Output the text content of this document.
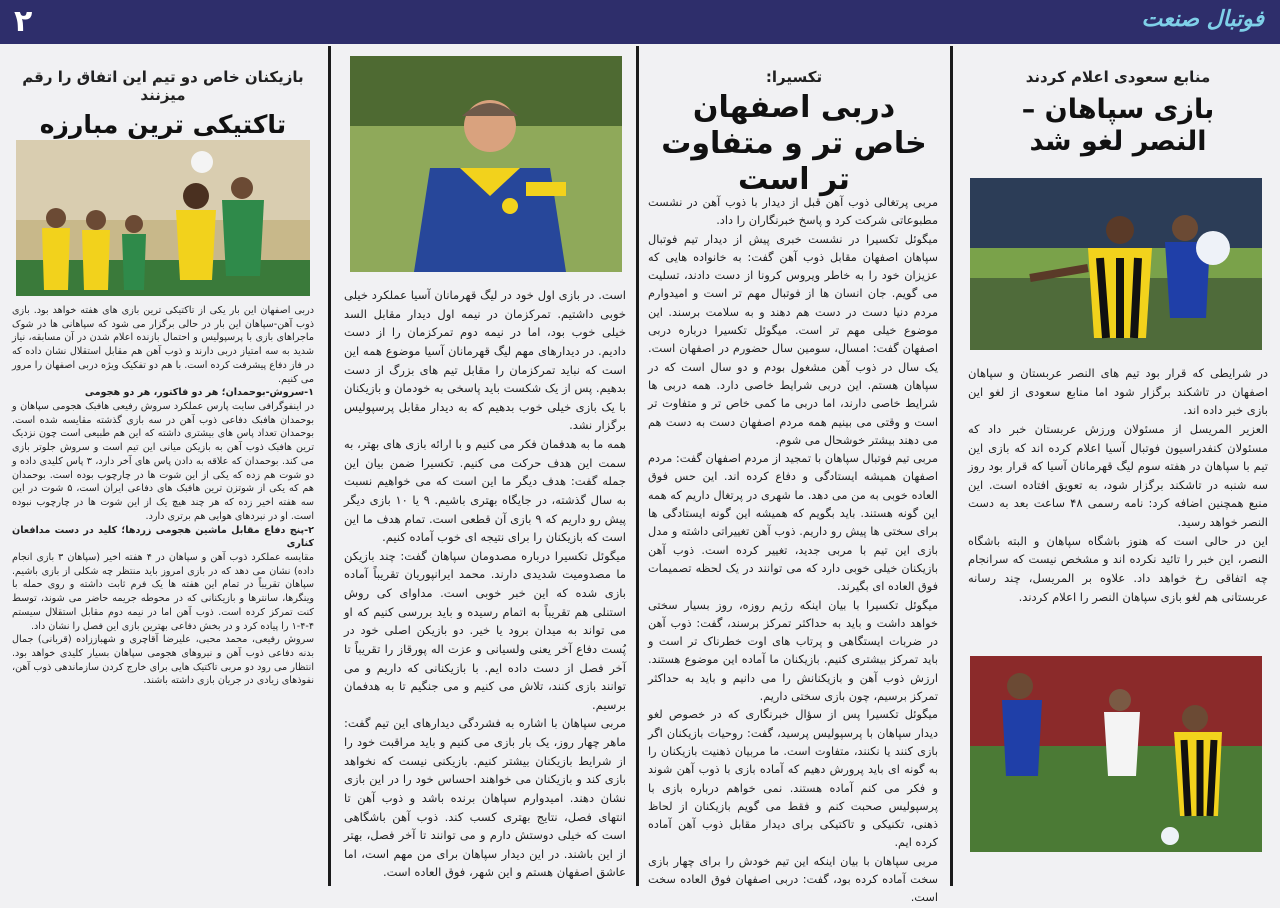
۲	فوتبال صنعت
منابع سعودی اعلام کردند
بازی سپاهان – النصر لغو شد

در شرایطی که قرار بود تیم های النصر عربستان و سپاهان اصفهان در تاشکند برگزار شود اما منابع سعودی از لغو این بازی خبر داده اند.

العزیر المریسل از مسئولان ورزش عربستان خبر داد که مسئولان کنفدراسیون فوتبال آسیا اعلام کرده اند که بازی این تیم با سپاهان در هفته سوم لیگ قهرمانان آسیا که قرار بود روز سه شنبه در تاشکند برگزار شود، به تعویق افتاده است. این منبع همچنین اضافه کرد: نامه رسمی ۴۸ ساعت بعد به دست النصر خواهد رسید.

این در حالی است که هنوز باشگاه سپاهان و البته باشگاه النصر، این خبر را تائید نکرده اند و مشخص نیست که سرانجام چه اتفاقی رخ خواهد داد. علاوه بر المریسل، چند رسانه عربستانی هم لغو بازی سپاهان النصر را اعلام کردند.

تکسیرا:
دربی اصفهان خاص تر و متفاوت تر است

مربی پرتغالی ذوب آهن قبل از دیدار با ذوب آهن در نشست مطبوعاتی شرکت کرد و پاسخ خبرنگاران را داد.

میگوئل تکسیرا در نشست خبری پیش از دیدار تیم فوتبال سپاهان اصفهان مقابل ذوب آهن گفت: به خانواده هایی که عزیزان خود را به خاطر ویروس کرونا از دست دادند، تسلیت می گویم. جان انسان ها از فوتبال مهم تر است و امیدوارم مردم دنیا دست در دست هم دهند و به سلامت برسند. این موضوع خیلی مهم تر است. میگوئل تکسیرا درباره دربی اصفهان گفت: امسال، سومین سال حضورم در اصفهان است. یک سال در ذوب آهن مشغول بودم و دو سال است که در سپاهان هستم. این دربی شرایط خاصی دارد. همه دربی ها شرایط خاصی دارند، اما دربی ما کمی خاص تر و متفاوت تر است و وقتی می بینیم همه مردم اصفهان دست به دست هم می دهند بیشتر خوشحال می شوم.

مربی تیم فوتبال سپاهان با تمجید از مردم اصفهان گفت: مردم اصفهان همیشه ایستادگی و دفاع کرده اند. این حس فوق العاده خوبی به من می دهد. ما شهری در پرتغال داریم که همه این گونه هستند. باید بگویم که همیشه این گونه ایستادگی ها برای سختی ها پیش رو داریم. ذوب آهن تغییراتی داشته و مدل بازی این تیم با مربی جدید، تغییر کرده است. ذوب آهن بازیکنان خیلی خوبی دارد که می توانند در یک لحظه تصمیمات فوق العاده ای بگیرند.

میگوئل تکسیرا با بیان اینکه رژیم روزه، روز بسیار سختی خواهد داشت و باید به حداکثر تمرکز برسند، گفت: ذوب آهن در ضربات ایستگاهی و پرتاب های اوت خطرناک تر است و باید تمرکز بیشتری کنیم. بازیکنان ما آماده این موضوع هستند. ارزش ذوب آهن و بازیکنانش را می دانیم و باید به حداکثر تمرکز برسیم، چون بازی سختی داریم.

میگوئل تکسیرا پس از سؤال خبرنگاری که در خصوص لغو دیدار سپاهان با پرسپولیس پرسید، گفت: روحیات بازیکنان اگر بازی کنند یا نکنند، متفاوت است. ما مربیان ذهنیت بازیکنان را به گونه ای باید پرورش دهیم که آماده بازی با ذوب آهن شوند و فکر می کنم آماده هستند. نمی خواهم درباره بازی با پرسپولیس صحبت کنم و فقط می گویم بازیکنان از لحاظ ذهنی، تکنیکی و تاکتیکی برای دیدار مقابل ذوب آهن آماده کرده ایم.

مربی سپاهان با بیان اینکه این تیم خودش را برای چهار بازی سخت آماده کرده بود، گفت: دربی اصفهان فوق العاده سخت است.

است. در بازی اول خود در لیگ قهرمانان آسیا عملکرد خیلی خوبی داشتیم. تمرکزمان در نیمه اول دیدار مقابل السد خیلی خوب بود، اما در نیمه دوم تمرکزمان را از دست دادیم. در دیدارهای مهم لیگ قهرمانان آسیا موضوع همه این است که نباید تمرکزمان را مقابل تیم های بزرگ از دست بدهیم. پس از یک شکست باید پاسخی به خودمان و بازیکنان با یک بازی خیلی خوب بدهیم که به دیدار مقابل پرسپولیس برگزار نشد.

همه ما به هدفمان فکر می کنیم و با ارائه بازی های بهتر، به سمت این هدف حرکت می کنیم. تکسیرا ضمن بیان این جمله گفت: هدف دیگر ما این است که می خواهیم نسبت به سال گذشته، در جایگاه بهتری باشیم. ۹ یا ۱۰ بازی دیگر پیش رو داریم که ۹ بازی آن قطعی است. تمام هدف ما این است که بازیکنان را برای نتیجه ای خوب آماده کنیم.

میگوئل تکسیرا درباره مصدومان سپاهان گفت: چند بازیکن ما مصدومیت شدیدی دارند. محمد ایرانپوریان تقریباً آماده بازی شده که این خبر خوبی است. مداوای کی روش استنلی هم تقریباً به اتمام رسیده و باید بررسی کنیم که او می تواند به میدان برود یا خیر. دو بازیکن اصلی خود در پُست دفاع آخر یعنی ولسیانی و عزت اله پورقاز را تقریباً تا آخر فصل از دست داده ایم. با بازیکنانی که داریم و می توانند بازی کنند، تلاش می کنیم و می جنگیم تا به هدفمان برسیم.

مربی سپاهان با اشاره به فشردگی دیدارهای این تیم گفت: ماهر چهار روز، یک بار بازی می کنیم و باید مراقبت خود را از شرایط بازیکنان بیشتر کنیم. بازیکنی نیست که نخواهد بازی کند و بازیکنان می خواهند احساس خود را در این بازی نشان دهند. امیدوارم سپاهان برنده باشد و ذوب آهن تا انتهای فصل، نتایج بهتری کسب کند. ذوب آهن باشگاهی است که خیلی دوستش دارم و می توانند تا آخر فصل، بهتر از این باشند. در این دیدار سپاهان برای من مهم است، اما عاشق اصفهان هستم و این شهر، فوق العاده است.

بازیکنان خاص دو تیم این اتفاق را رقم میزنند
تاکتیکی ترین مبارزه

دربی اصفهان این بار یکی از تاکتیکی ترین بازی های هفته خواهد بود. بازی ذوب آهن-سپاهان این بار در حالی برگزار می شود که سپاهانی ها در شوک ماجراهای بازی با پرسپولیس و احتمال بازنده اعلام شدن در آن مسابقه، نیاز شدید به سه امتیاز دربی دارند و ذوب آهن هم مقابل استقلال نشان داده که در فاز دفاع پیشرفت کرده است. با هم دو تفکیک ویژه دربی اصفهان را مرور می کنیم.

۱-سروش-بوحمدان؛ هر دو فاکتور، هر دو هجومی

در اینفوگرافی سایت پارس عملکرد سروش رفیعی هافبک هجومی سپاهان و بوحمدان هافبک دفاعی ذوب آهن در سه بازی گذشته مقایسه شده است. بوحمدان تعداد پاس های بیشتری داشته که این هم طبیعی است چون نزدیک ترین هافبک ذوب آهن به بازیکن میانی این تیم است و سروش جلوتر بازی می کند. بوحمدان که علاقه به دادن پاس های آخر دارد، ۳ پاس کلیدی داده و دو شوت هم زده که یکی از این شوت ها در چارچوب بوده است. بوحمدان هم که یکی از شوتزن ترین هافبک های دفاعی ایران است، ۵ شوت در این سه هفته اخیر زده که هر چند هیچ یک از این شوت ها در چارچوب نبوده است. او در نبردهای هوایی هم برتری دارد.

۲-پنج دفاع مقابل ماشین هجومی زردها؛ کلید در دست مدافعان کناری

مقایسه عملکرد ذوب آهن و سپاهان در ۴ هفته اخیر (سپاهان ۳ بازی انجام داده) نشان می دهد که در بازی امروز باید منتظر چه شکلی از بازی باشیم. سپاهان تقریباً در تمام این هفته ها یک فرم ثابت داشته و روی حمله با وینگرها، سانترها و بازیکنانی که در محوطه جریمه حاضر می شوند، توسط کنت تمرکز کرده است. ذوب آهن اما در نیمه دوم مقابل استقلال سیستم ۴-۴-۱ را پیاده کرد و در بخش دفاعی بهترین بازی این فصل را نشان داد.

سروش رفیعی، محمد محبی، علیرضا آقاچری و شهباززاده (قربانی) جمال بدنه دفاعی ذوب آهن و نیروهای هجومی سپاهان بسیار کلیدی خواهد بود. انتظار می رود دو مربی تاکتیک هایی برای خارج کردن سازماندهی ذوب آهن، نفوذهای زیادی در جریان بازی داشته باشند.
